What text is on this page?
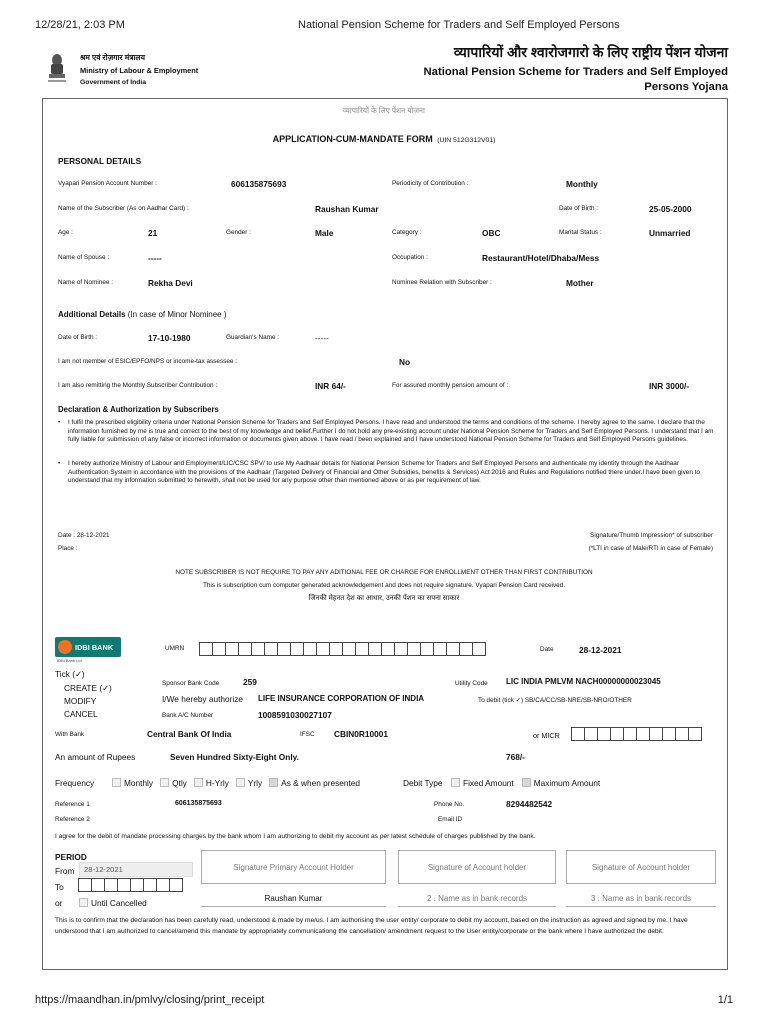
12/28/21, 2:03 PM	National Pension Scheme for Traders and Self Employed Persons
श्रम एवं रोज़गार मंत्रालय
Ministry of Labour & Employment
Government of India
व्यापारियों और श्वारोजगारो के लिए राष्ट्रीय पेंशन योजना
National Pension Scheme for Traders and Self Employed
Persons Yojana
व्यापारियों के लिए पेंशन योजना
APPLICATION-CUM-MANDATE FORM (UIN 512G312V01)
PERSONAL DETAILS
Vyapari Pension Account Number :	606135875693	Periodicity of Contribution :	Monthly
Name of the Subscriber (As on Aadhar Card) :	Raushan Kumar	Date of Birth :	25-05-2000
Age :	21	Gender :	Male	Category :	OBC	Marital Status :	Unmarried
Name of Spouse :	-----	Occupation :	Restaurant/Hotel/Dhaba/Mess
Name of Nominee :	Rekha Devi	Nominee Relation with Subscriber :	Mother
Additional Details (In case of Minor Nominee )
Date of Birth :	17-10-1980	Guardian's Name :	-----
I am not member of ESIC/EPFO/NPS or income-tax assessee :	No
I am also remitting the Monthly Subscriber Contribution :	INR 64/-	For assured monthly pension amount of :	INR 3000/-
Declaration & Authorization by Subscribers
• I fulfil the prescribed eligibility criteria under National Pension Scheme for Traders and Self Employed Persons. I have read and understood the terms and conditions of the scheme. I hereby agree to the same. I declare that the information furnished by me is true and correct to the best of my knowledge and belief.Further I do not hold any pre-existing account under National Pension Scheme for Traders and Self Employed Persons. I understand that I am fully liable for submission of any false or incorrect information or documents given above. I have read / been explained and I have understood National Pension Scheme for Traders and Self Employed Persons guidelines.
• I hereby authorize Ministry of Labour and Employment/LIC/CSC SPV/ to use My Aadhaar details for National Pension Scheme for Traders and Self Employed Persons and authenticate my identity through the Aadhaar Authentication System in accordance with the provisions of the Aadhaar (Targeted Delivery of Financial and Other Subsidies, benefits & Services) Act 2016 and Rules and Regulations notified there under.I have been given to understand that my information submitted to herewith, shall not be used for any purpose other than mentioned above or as per requirement of law.
Date : 28-12-2021
Place :
Signature/Thumb Impression* of subscriber
(*LTI in case of Male/RTI in case of Female)
NOTE SUBSCRIBER IS NOT REQUIRE TO PAY ANY ADITIONAL FEE OR CHARGE FOR ENROLLMENT OTHER THAN FIRST CONTRIBUTION
This is subscription cum computer generated acknowledgement and does not require signature. Vyapari Pension Card received.
जिनकी मेहनत देश का आधार, उनकी पेंशन का सपना साकार
IDBI BANK
IDBI Bank Ltd
UMRN	Date	28-12-2021
Tick (✓)
CREATE (✓)
MODIFY
CANCEL
Sponsor Bank Code	259	Utility Code LIC INDIA PMLVM NACH00000000023045
I/We hereby authorize LIFE INSURANCE CORPORATION OF INDIA	To debit (tick ✓) SB/CA/CC/SB-NRE/SB-NRO/OTHER
Bank A/C Number	1008591030027107
With Bank	Central Bank Of India	IFSC CBIN0R10001	or MICR
An amount of Rupees	Seven Hundred Sixty-Eight Only.	768/-
Frequency	Monthly	Qtly	H-Yrly	Yrly	As & when presented	Debit Type	Fixed Amount	Maximum Amount
Reference 1	606135875693	Phone No.	8294482542
Reference 2	Email ID
I agree for the debit of mandate processing charges by the bank whom I am authorizing to debit my account as per latest schedule of charges published by the bank.
PERIOD
From	28-12-2021
To
or	Until Cancelled
Signature Primary Account Holder	Signature of Account holder	Signature of Account holder
Raushan Kumar	2 . Name as in bank records	3 . Name as in bank records
This is to confirm that the declaration has been carefully read, understood & made by me/us. I am authorising the user entity/ corporate to debit my account, based on the instruction as agreed and signed by me. I have understood that I am authorized to cancel/amend this mandate by appropriately communicationg the cancellation/ amendment request to the User entity/corporate or the bank where I have authorized the debit.
https://maandhan.in/pmlvy/closing/print_receipt	1/1
